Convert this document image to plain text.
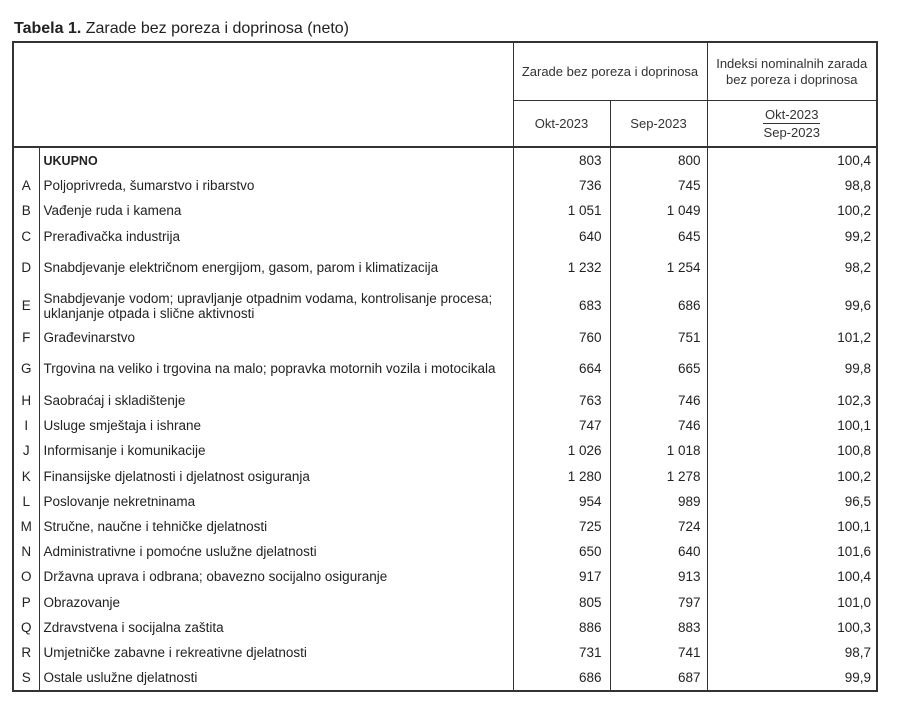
Tabela 1. Zarade bez poreza i doprinosa (neto)
		Zarade bez poreza i doprinosa		Indeksi nominalnih zarada bez poreza i doprinosa
		Okt-2023	Sep-2023	Okt-2023
Sep-2023
	UKUPNO	803	800	100,4
A	Poljoprivreda, šumarstvo i ribarstvo	736	745	98,8
B	Vađenje ruda i kamena	1 051	1 049	100,2
C	Prerađivačka industrija	640	645	99,2
D	Snabdjevanje električnom energijom, gasom, parom i klimatizacija	1 232	1 254	98,2
E	Snabdjevanje vodom; upravljanje otpadnim vodama, kontrolisanje procesa; uklanjanje otpada i slične aktivnosti	683	686	99,6
F	Građevinarstvo	760	751	101,2
G	Trgovina na veliko i trgovina na malo; popravka motornih vozila i motocikala	664	665	99,8
H	Saobraćaj i skladištenje	763	746	102,3
I	Usluge smještaja i ishrane	747	746	100,1
J	Informisanje i komunikacije	1 026	1 018	100,8
K	Finansijske djelatnosti i djelatnost osiguranja	1 280	1 278	100,2
L	Poslovanje nekretninama	954	989	96,5
M	Stručne, naučne i tehničke djelatnosti	725	724	100,1
N	Administrativne i pomoćne uslužne djelatnosti	650	640	101,6
O	Državna uprava i odbrana; obavezno socijalno osiguranje	917	913	100,4
P	Obrazovanje	805	797	101,0
Q	Zdravstvena i socijalna zaštita	886	883	100,3
R	Umjetničke zabavne i rekreativne djelatnosti	731	741	98,7
S	Ostale uslužne djelatnosti	686	687	99,9
